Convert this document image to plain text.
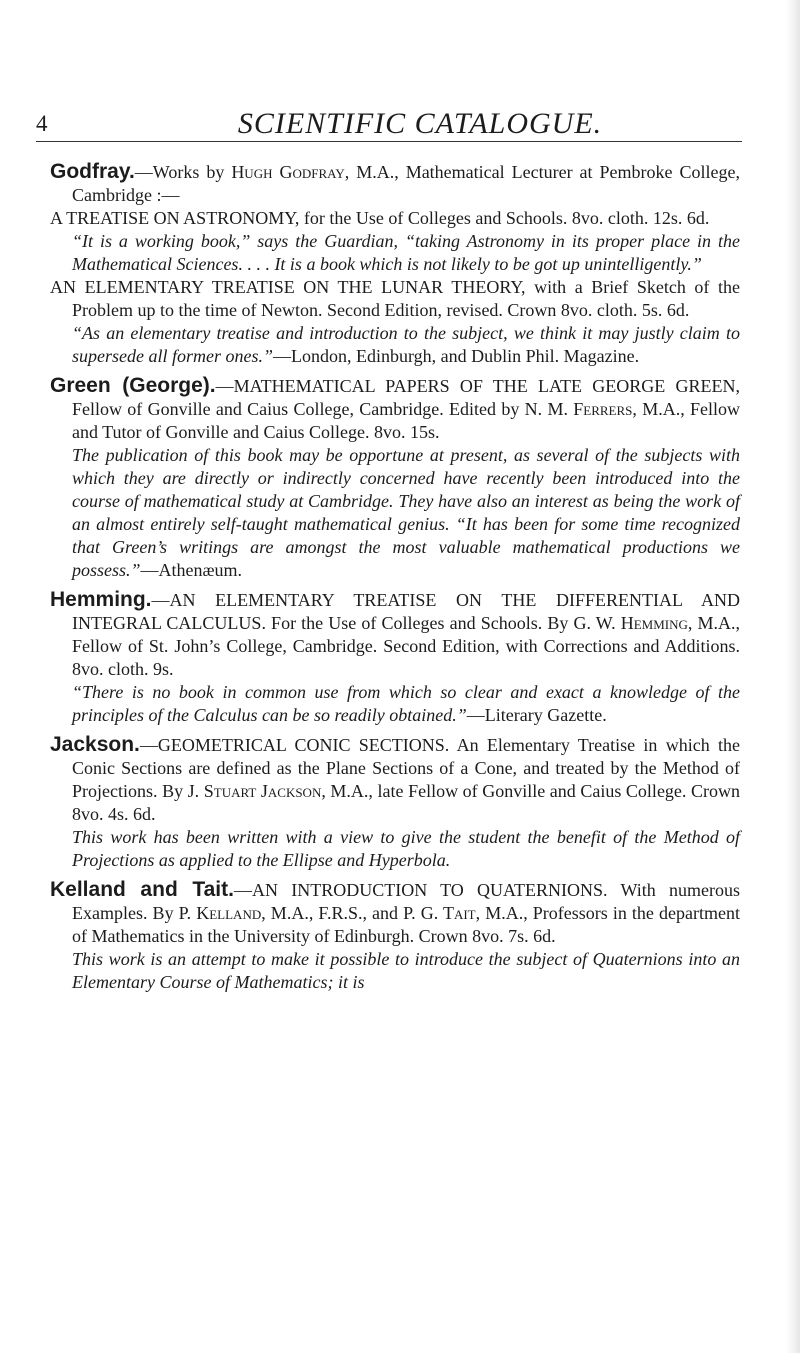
4	SCIENTIFIC CATALOGUE.

Godfray.—Works by Hugh Godfray, M.A., Mathematical Lecturer at Pembroke College, Cambridge :—

A TREATISE ON ASTRONOMY, for the Use of Colleges and Schools. 8vo. cloth. 12s. 6d.

“It is a working book,” says the Guardian, “taking Astronomy in its proper place in the Mathematical Sciences. . . . It is a book which is not likely to be got up unintelligently.”

AN ELEMENTARY TREATISE ON THE LUNAR THEORY, with a Brief Sketch of the Problem up to the time of Newton. Second Edition, revised. Crown 8vo. cloth. 5s. 6d.

“As an elementary treatise and introduction to the subject, we think it may justly claim to supersede all former ones.”—London, Edinburgh, and Dublin Phil. Magazine.

Green (George).—MATHEMATICAL PAPERS OF THE LATE GEORGE GREEN, Fellow of Gonville and Caius College, Cambridge. Edited by N. M. Ferrers, M.A., Fellow and Tutor of Gonville and Caius College. 8vo. 15s.

The publication of this book may be opportune at present, as several of the subjects with which they are directly or indirectly concerned have recently been introduced into the course of mathematical study at Cambridge. They have also an interest as being the work of an almost entirely self-taught mathematical genius. “It has been for some time recognized that Green’s writings are amongst the most valuable mathematical productions we possess.”—Athenæum.

Hemming.—AN ELEMENTARY TREATISE ON THE DIFFERENTIAL AND INTEGRAL CALCULUS. For the Use of Colleges and Schools. By G. W. Hemming, M.A., Fellow of St. John’s College, Cambridge. Second Edition, with Corrections and Additions. 8vo. cloth. 9s.

“There is no book in common use from which so clear and exact a knowledge of the principles of the Calculus can be so readily obtained.”—Literary Gazette.

Jackson.—GEOMETRICAL CONIC SECTIONS. An Elementary Treatise in which the Conic Sections are defined as the Plane Sections of a Cone, and treated by the Method of Projections. By J. Stuart Jackson, M.A., late Fellow of Gonville and Caius College. Crown 8vo. 4s. 6d.

This work has been written with a view to give the student the benefit of the Method of Projections as applied to the Ellipse and Hyperbola.

Kelland and Tait.—AN INTRODUCTION TO QUATERNIONS. With numerous Examples. By P. Kelland, M.A., F.R.S., and P. G. Tait, M.A., Professors in the department of Mathematics in the University of Edinburgh. Crown 8vo. 7s. 6d.

This work is an attempt to make it possible to introduce the subject of Quaternions into an Elementary Course of Mathematics; it is
